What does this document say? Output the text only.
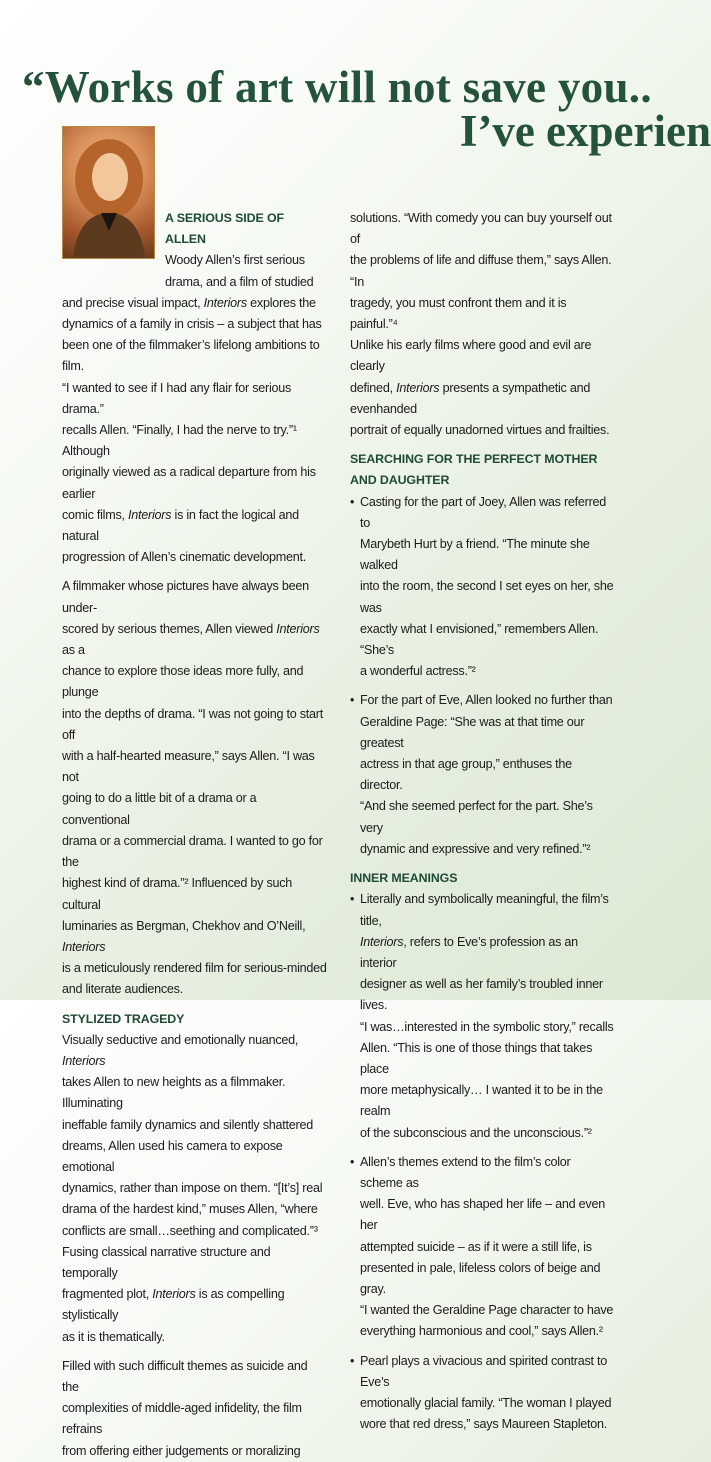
“Works of art will not save you..
I’ve experien
A SERIOUS SIDE OF ALLEN
Woody Allen’s first serious
drama, and a film of studied
and precise visual impact, Interiors explores the
dynamics of a family in crisis – a subject that has
been one of the filmmaker’s lifelong ambitions to film.
“I wanted to see if I had any flair for serious drama.”
recalls Allen. “Finally, I had the nerve to try.”¹ Although
originally viewed as a radical departure from his earlier
comic films, Interiors is in fact the logical and natural
progression of Allen’s cinematic development.
A filmmaker whose pictures have always been under-
scored by serious themes, Allen viewed Interiors as a
chance to explore those ideas more fully, and plunge
into the depths of drama. “I was not going to start off
with a half-hearted measure,” says Allen. “I was not
going to do a little bit of a drama or a conventional
drama or a commercial drama. I wanted to go for the
highest kind of drama.”² Influenced by such cultural
luminaries as Bergman, Chekhov and O’Neill, Interiors
is a meticulously rendered film for serious-minded
and literate audiences.
STYLIZED TRAGEDY
Visually seductive and emotionally nuanced, Interiors
takes Allen to new heights as a filmmaker. Illuminating
ineffable family dynamics and silently shattered
dreams, Allen used his camera to expose emotional
dynamics, rather than impose on them. “[It’s] real
drama of the hardest kind,” muses Allen, “where
conflicts are small…seething and complicated.”³
Fusing classical narrative structure and temporally
fragmented plot, Interiors is as compelling stylistically
as it is thematically.
Filled with such difficult themes as suicide and the
complexities of middle-aged infidelity, the film refrains
from offering either judgements or moralizing
solutions. “With comedy you can buy yourself out of
the problems of life and diffuse them,” says Allen. “In
tragedy, you must confront them and it is painful.”⁴
Unlike his early films where good and evil are clearly
defined, Interiors presents a sympathetic and evenhanded
portrait of equally unadorned virtues and frailties.
SEARCHING FOR THE PERFECT MOTHER
AND DAUGHTER
• Casting for the part of Joey, Allen was referred to
Marybeth Hurt by a friend. “The minute she walked
into the room, the second I set eyes on her, she was
exactly what I envisioned,” remembers Allen. “She’s
a wonderful actress.”²
• For the part of Eve, Allen looked no further than
Geraldine Page: “She was at that time our greatest
actress in that age group,” enthuses the director.
“And she seemed perfect for the part. She’s very
dynamic and expressive and very refined.”²
INNER MEANINGS
• Literally and symbolically meaningful, the film’s title,
Interiors, refers to Eve’s profession as an interior
designer as well as her family’s troubled inner lives.
“I was…interested in the symbolic story,” recalls
Allen. “This is one of those things that takes place
more metaphysically… I wanted it to be in the realm
of the subconscious and the unconscious.”²
• Allen’s themes extend to the film’s color scheme as
well. Eve, who has shaped her life – and even her
attempted suicide – as if it were a still life, is
presented in pale, lifeless colors of beige and gray.
“I wanted the Geraldine Page character to have
everything harmonious and cool,” says Allen.²
• Pearl plays a vivacious and spirited contrast to Eve’s
emotionally glacial family. “The woman I played
wore that red dress,” says Maureen Stapleton.
